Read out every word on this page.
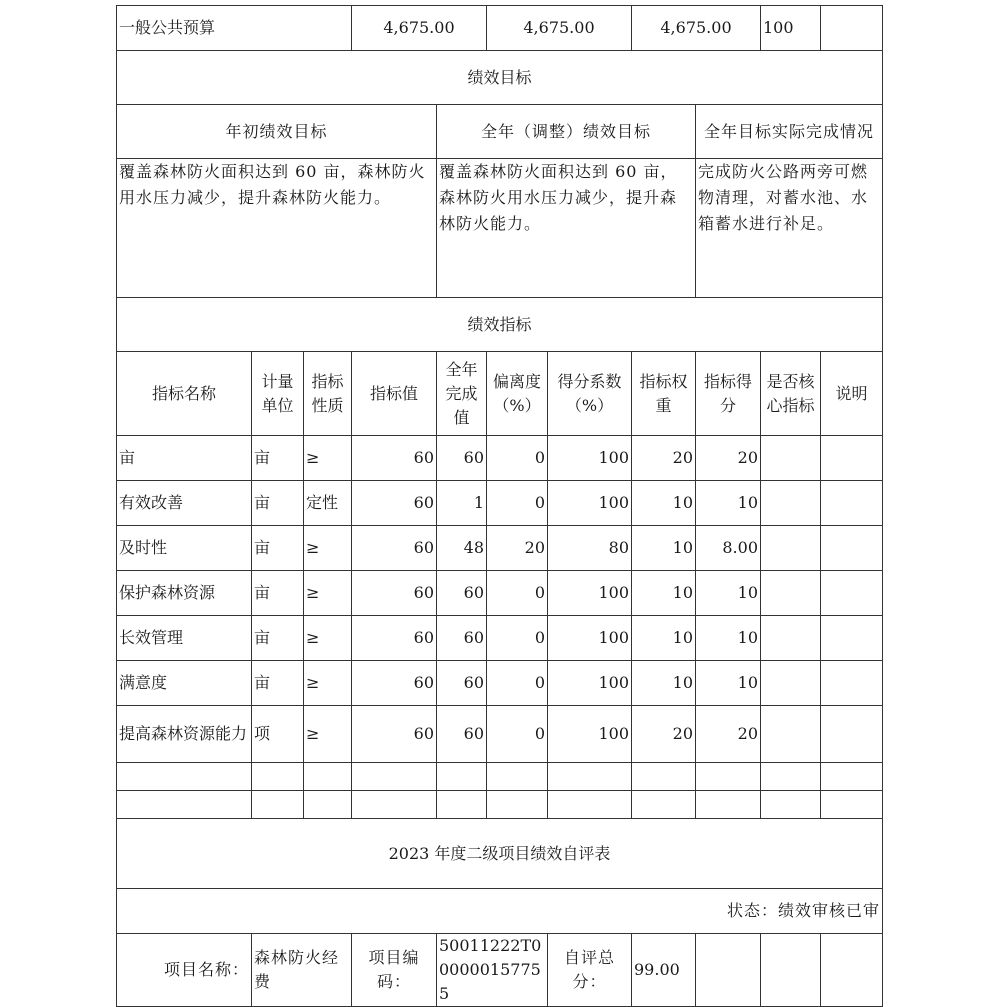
一般公共预算			4,675.00		4,675.00		4,675.00		100		
绩效目标											
年初绩效目标				全年（调整）绩效目标				全年目标实际完成情况			
覆盖森林防火面积达到 60 亩，森林防火用水压力减少，提升森林防火能力。				覆盖森林防火面积达到 60 亩，森林防火用水压力减少，提升森林防火能力。				完成防火公路两旁可燃物清理，对蓄水池、水箱蓄水进行补足。			
绩效指标											
指标名称	计量单位	指标性质	指标值	全年完成值	偏离度（%）	得分系数（%）	指标权重	指标得分	是否核心指标	说明	
亩	亩	≥	60	60	0	100	20	20			
有效改善	亩	定性	60	1	0	100	10	10			
及时性	亩	≥	60	48	20	80	10	8.00			
保护森林资源	亩	≥	60	60	0	100	10	10			
长效管理	亩	≥	60	60	0	100	10	10			
满意度	亩	≥	60	60	0	100	10	10			
提高森林资源能力	项	≥	60	60	0	100	20	20			

2023 年度二级项目绩效自评表											
状态：绩效审核已审											
项目名称：	森林防火经费		项目编码：	50011222T000000157755		自评总分：	99.00				
